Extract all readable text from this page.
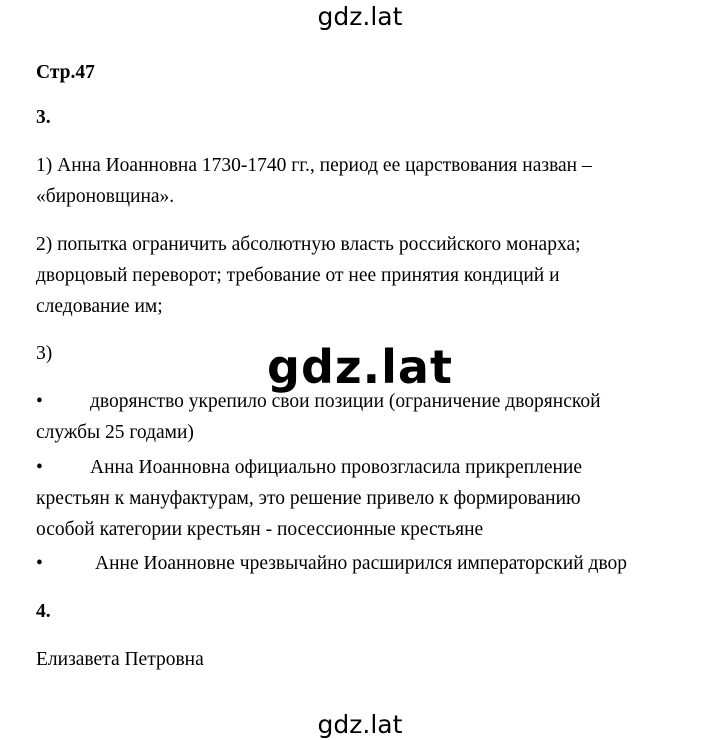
gdz.lat
Стр.47
3.
1) Анна Иоанновна 1730-1740 гг., период ее царствования назван –
«бироновщина».
2) попытка ограничить абсолютную власть российского монарха;
дворцовый переворот; требование от нее принятия кондиций и
следование им;
3)
• дворянство укрепило свои позиции (ограничение дворянской
службы 25 годами)
• Анна Иоанновна официально провозгласила прикрепление
крестьян к мануфактурам, это решение привело к формированию
особой категории крестьян - посессионные крестьяне
•	Анне Иоанновне чрезвычайно расширился императорский двор
4.
Елизавета Петровна
gdz.lat
gdz.lat
